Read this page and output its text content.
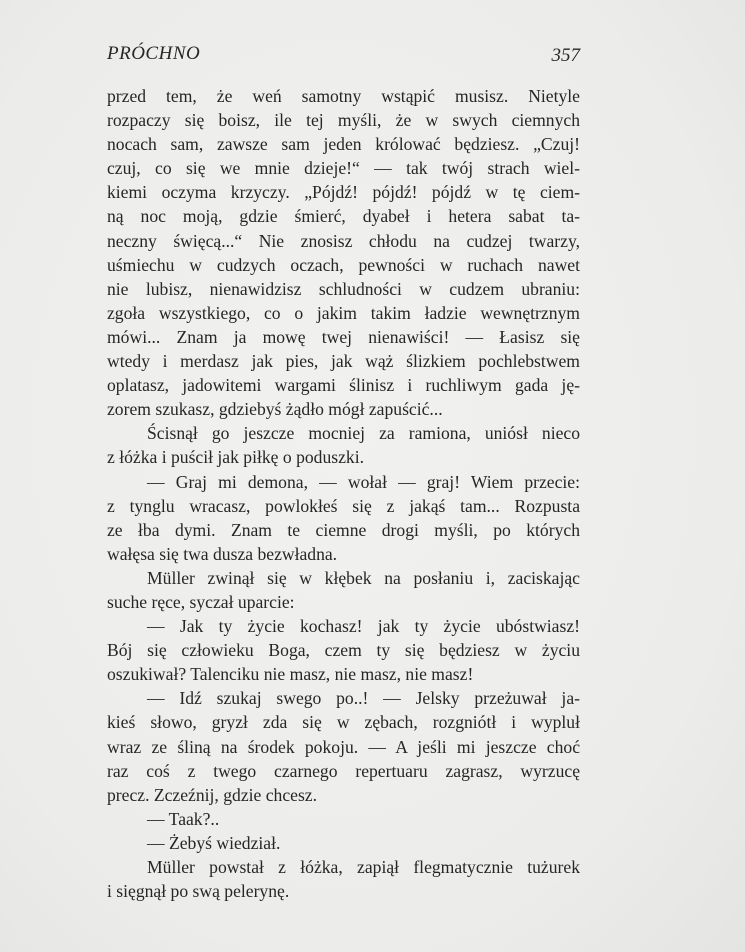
PRÓCHNO	357
przed tem, że weń samotny wstąpić musisz. Nietyle
rozpaczy się boisz, ile tej myśli, że w swych ciemnych
nocach sam, zawsze sam jeden królować będziesz. „Czuj!
czuj, co się we mnie dzieje!“ — tak twój strach wiel-
kiemi oczyma krzyczy. „Pójdź! pójdź! pójdź w tę ciem-
ną noc moją, gdzie śmierć, dyabeł i hetera sabat ta-
neczny święcą...“ Nie znosisz chłodu na cudzej twarzy,
uśmiechu w cudzych oczach, pewności w ruchach nawet
nie lubisz, nienawidzisz schludności w cudzem ubraniu:
zgoła wszystkiego, co o jakim takim ładzie wewnętrznym
mówi... Znam ja mowę twej nienawiści! — Łasisz się
wtedy i merdasz jak pies, jak wąż ślizkiem pochlebstwem
oplatasz, jadowitemi wargami ślinisz i ruchliwym gada ję-
zorem szukasz, gdziebyś żądło mógł zapuścić...
Ścisnął go jeszcze mocniej za ramiona, uniósł nieco
z łóżka i puścił jak piłkę o poduszki.
— Graj mi demona, — wołał — graj! Wiem przecie:
z tynglu wracasz, powlokłeś się z jakąś tam... Rozpusta
ze łba dymi. Znam te ciemne drogi myśli, po których
wałęsa się twa dusza bezwładna.
Müller zwinął się w kłębek na posłaniu i, zaciskając
suche ręce, syczał uparcie:
— Jak ty życie kochasz! jak ty życie ubóstwiasz!
Bój się człowieku Boga, czem ty się będziesz w życiu
oszukiwał? Talenciku nie masz, nie masz, nie masz!
— Idź szukaj swego po..! — Jelsky przeżuwał ja-
kieś słowo, gryzł zda się w zębach, rozgniótł i wypluł
wraz ze śliną na środek pokoju. — A jeśli mi jeszcze choć
raz coś z twego czarnego repertuaru zagrasz, wyrzucę
precz. Zczeźnij, gdzie chcesz.
— Taak?..
— Żebyś wiedział.
Müller powstał z łóżka, zapiął flegmatycznie tużurek
i sięgnął po swą pelerynę.
